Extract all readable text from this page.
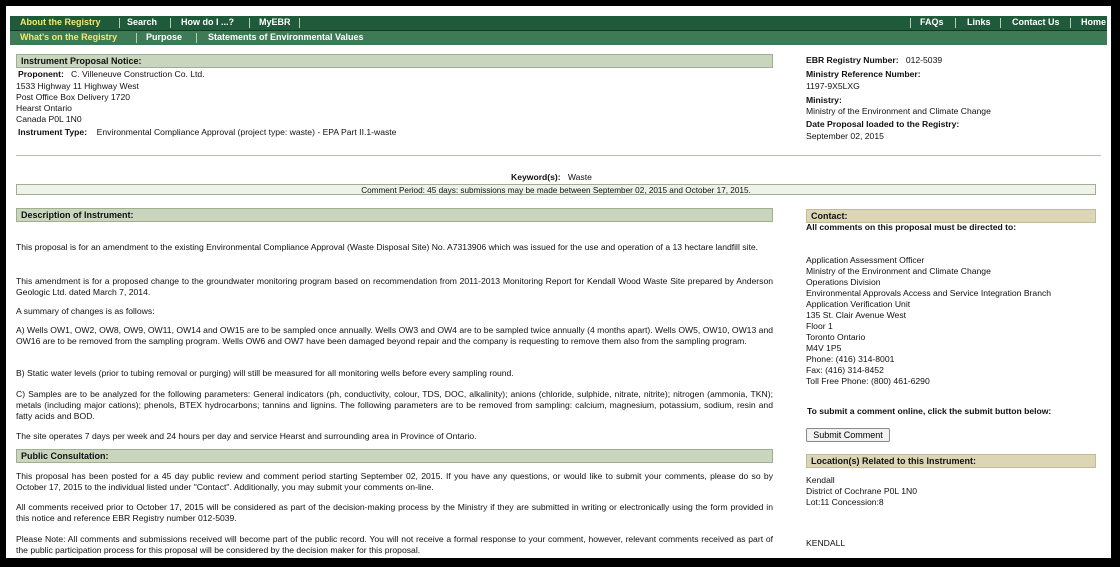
About the Registry	Search	How do I ...?	MyEBR	FAQs	Links Contact Us Home
What's on the Registry	Purpose	Statements of Environmental Values
Instrument Proposal Notice:
Proponent: C. Villeneuve Construction Co. Ltd.
1533 Highway 11 Highway West
Post Office Box Delivery 1720
Hearst Ontario
Canada P0L 1N0
Instrument Type: Environmental Compliance Approval (project type: waste) - EPA Part II.1-waste
EBR Registry Number: 012-5039
Ministry Reference Number:
1197-9X5LXG
Ministry:
Ministry of the Environment and Climate Change
Date Proposal loaded to the Registry:
September 02, 2015
Keyword(s): Waste
Comment Period: 45 days: submissions may be made between September 02, 2015 and October 17, 2015.
Description of Instrument:
This proposal is for an amendment to the existing Environmental Compliance Approval (Waste Disposal Site) No. A7313906 which was issued for the use and operation of a 13 hectare landfill site.
This amendment is for a proposed change to the groundwater monitoring program based on recommendation from 2011-2013 Monitoring Report for Kendall Wood Waste Site prepared by Anderson Geologic Ltd. dated March 7, 2014.
A summary of changes is as follows:
A) Wells OW1, OW2, OW8, OW9, OW11, OW14 and OW15 are to be sampled once annually. Wells OW3 and OW4 are to be sampled twice annually (4 months apart). Wells OW5, OW10, OW13 and OW16 are to be removed from the sampling program. Wells OW6 and OW7 have been damaged beyond repair and the company is requesting to remove them also from the sampling program.
B) Static water levels (prior to tubing removal or purging) will still be measured for all monitoring wells before every sampling round.
C) Samples are to be analyzed for the following parameters: General indicators (ph, conductivity, colour, TDS, DOC, alkalinity); anions (chloride, sulphide, nitrate, nitrite); nitrogen (ammonia, TKN); metals (including major cations); phenols, BTEX hydrocarbons; tannins and lignins. The following parameters are to be removed from sampling: calcium, magnesium, potassium, sodium, resin and fatty acids and BOD.
The site operates 7 days per week and 24 hours per day and service Hearst and surrounding area in Province of Ontario.
Public Consultation:
This proposal has been posted for a 45 day public review and comment period starting September 02, 2015. If you have any questions, or would like to submit your comments, please do so by October 17, 2015 to the individual listed under "Contact". Additionally, you may submit your comments on-line.
All comments received prior to October 17, 2015 will be considered as part of the decision-making process by the Ministry if they are submitted in writing or electronically using the form provided in this notice and reference EBR Registry number 012-5039.
Please Note: All comments and submissions received will become part of the public record. You will not receive a formal response to your comment, however, relevant comments received as part of the public participation process for this proposal will be considered by the decision maker for this proposal.
Contact:
All comments on this proposal must be directed to:
Application Assessment Officer
Ministry of the Environment and Climate Change
Operations Division
Environmental Approvals Access and Service Integration Branch
Application Verification Unit
135 St. Clair Avenue West
Floor 1
Toronto Ontario
M4V 1P5
Phone: (416) 314-8001
Fax: (416) 314-8452
Toll Free Phone: (800) 461-6290
To submit a comment online, click the submit button below:
Submit Comment
Location(s) Related to this Instrument:
Kendall
District of Cochrane P0L 1N0
Lot:11 Concession:8
KENDALL
